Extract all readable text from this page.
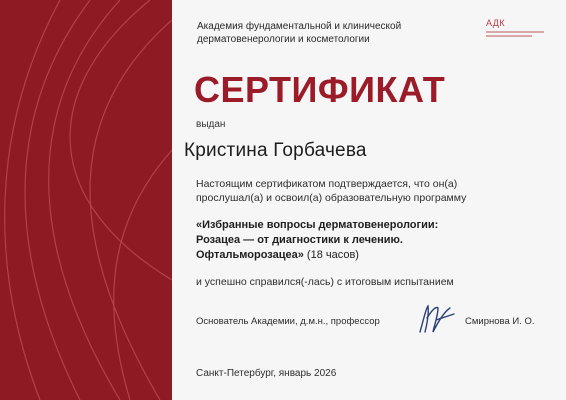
Академия фундаментальной и клинической
дерматовенерологии и косметологии
АДК
СЕРТИФИКАТ
выдан
Кристина Горбачева
Настоящим сертификатом подтверждается, что он(а)
прослушал(а) и освоил(а) образовательную программу
«Избранные вопросы дерматовенерологии:
Розацеа — от диагностики к лечению.
Офтальморозацеа» (18 часов)
и успешно справился(-лась) с итоговым испытанием
Основатель Академии, д.м.н., профессор	Смирнова И. О.
Санкт-Петербург, январь 2026
